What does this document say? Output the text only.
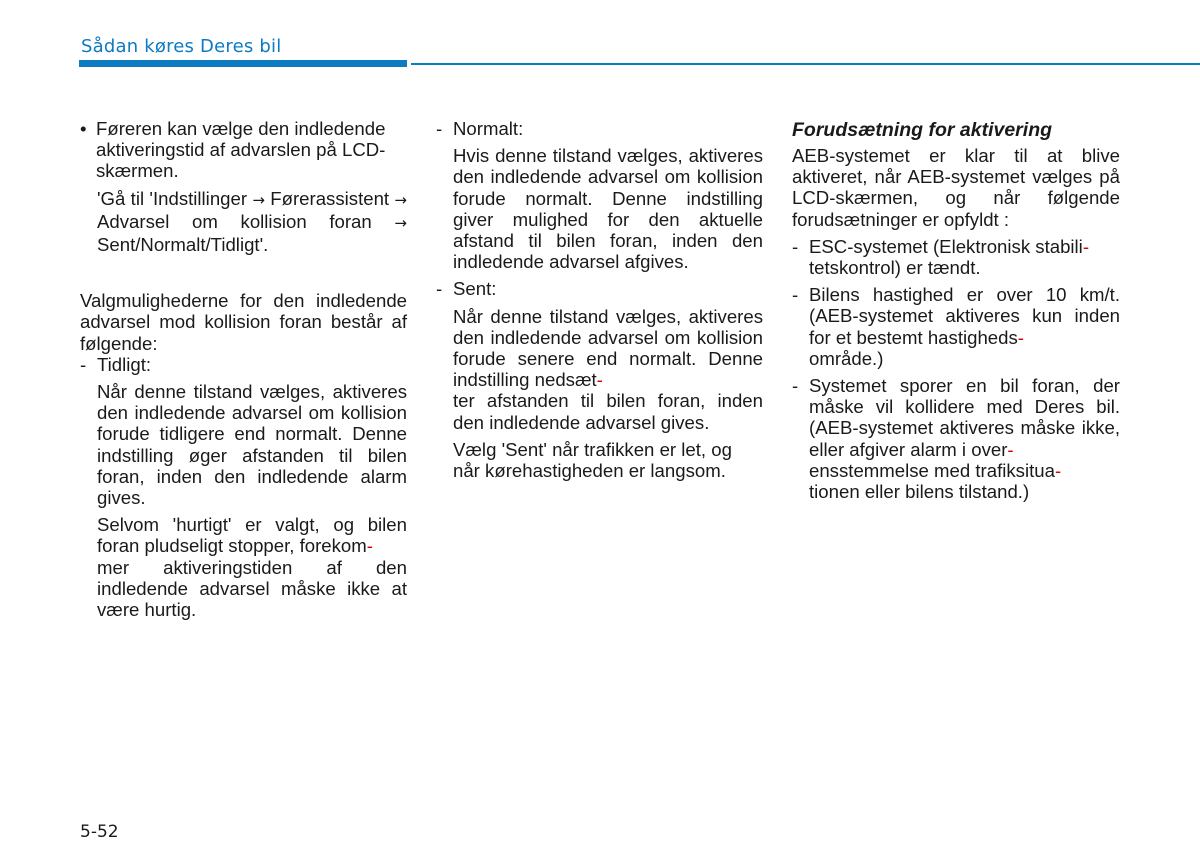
Sådan køres Deres bil
• Føreren kan vælge den indledende aktiveringstid af advarslen på LCD-skærmen.

'Gå til 'Indstillinger → Førerassistent → Advarsel om kollision foran → Sent/Normalt/Tidligt'.

Valgmulighederne for den indledende advarsel mod kollision foran består af følgende:

- Tidligt:

Når denne tilstand vælges, aktiveres den indledende advarsel om kollision forude tidligere end normalt. Denne indstilling øger afstanden til bilen foran, inden den indledende alarm gives.

Selvom 'hurtigt' er valgt, og bilen foran pludseligt stopper, forekom-
mer aktiveringstiden af den indledende advarsel måske ikke at være hurtig.

- Normalt:

Hvis denne tilstand vælges, aktiveres den indledende advarsel om kollision forude normalt. Denne indstilling giver mulighed for den aktuelle afstand til bilen foran, inden den indledende advarsel afgives.

- Sent:

Når denne tilstand vælges, aktiveres den indledende advarsel om kollision forude senere end normalt. Denne indstilling nedsæt-
ter afstanden til bilen foran, inden den indledende advarsel gives.

Vælg 'Sent' når trafikken er let, og når kørehastigheden er langsom.

Forudsætning for aktivering

AEB-systemet er klar til at blive aktiveret, når AEB-systemet vælges på LCD-skærmen, og når følgende forudsætninger er opfyldt :

- ESC-systemet (Elektronisk stabili-
tetskontrol) er tændt.
- Bilens hastighed er over 10 km/t. (AEB-systemet aktiveres kun inden for et bestemt hastigheds-
område.)
- Systemet sporer en bil foran, der måske vil kollidere med Deres bil. (AEB-systemet aktiveres måske ikke, eller afgiver alarm i over-
ensstemmelse med trafiksitua-
tionen eller bilens tilstand.)
5-52
